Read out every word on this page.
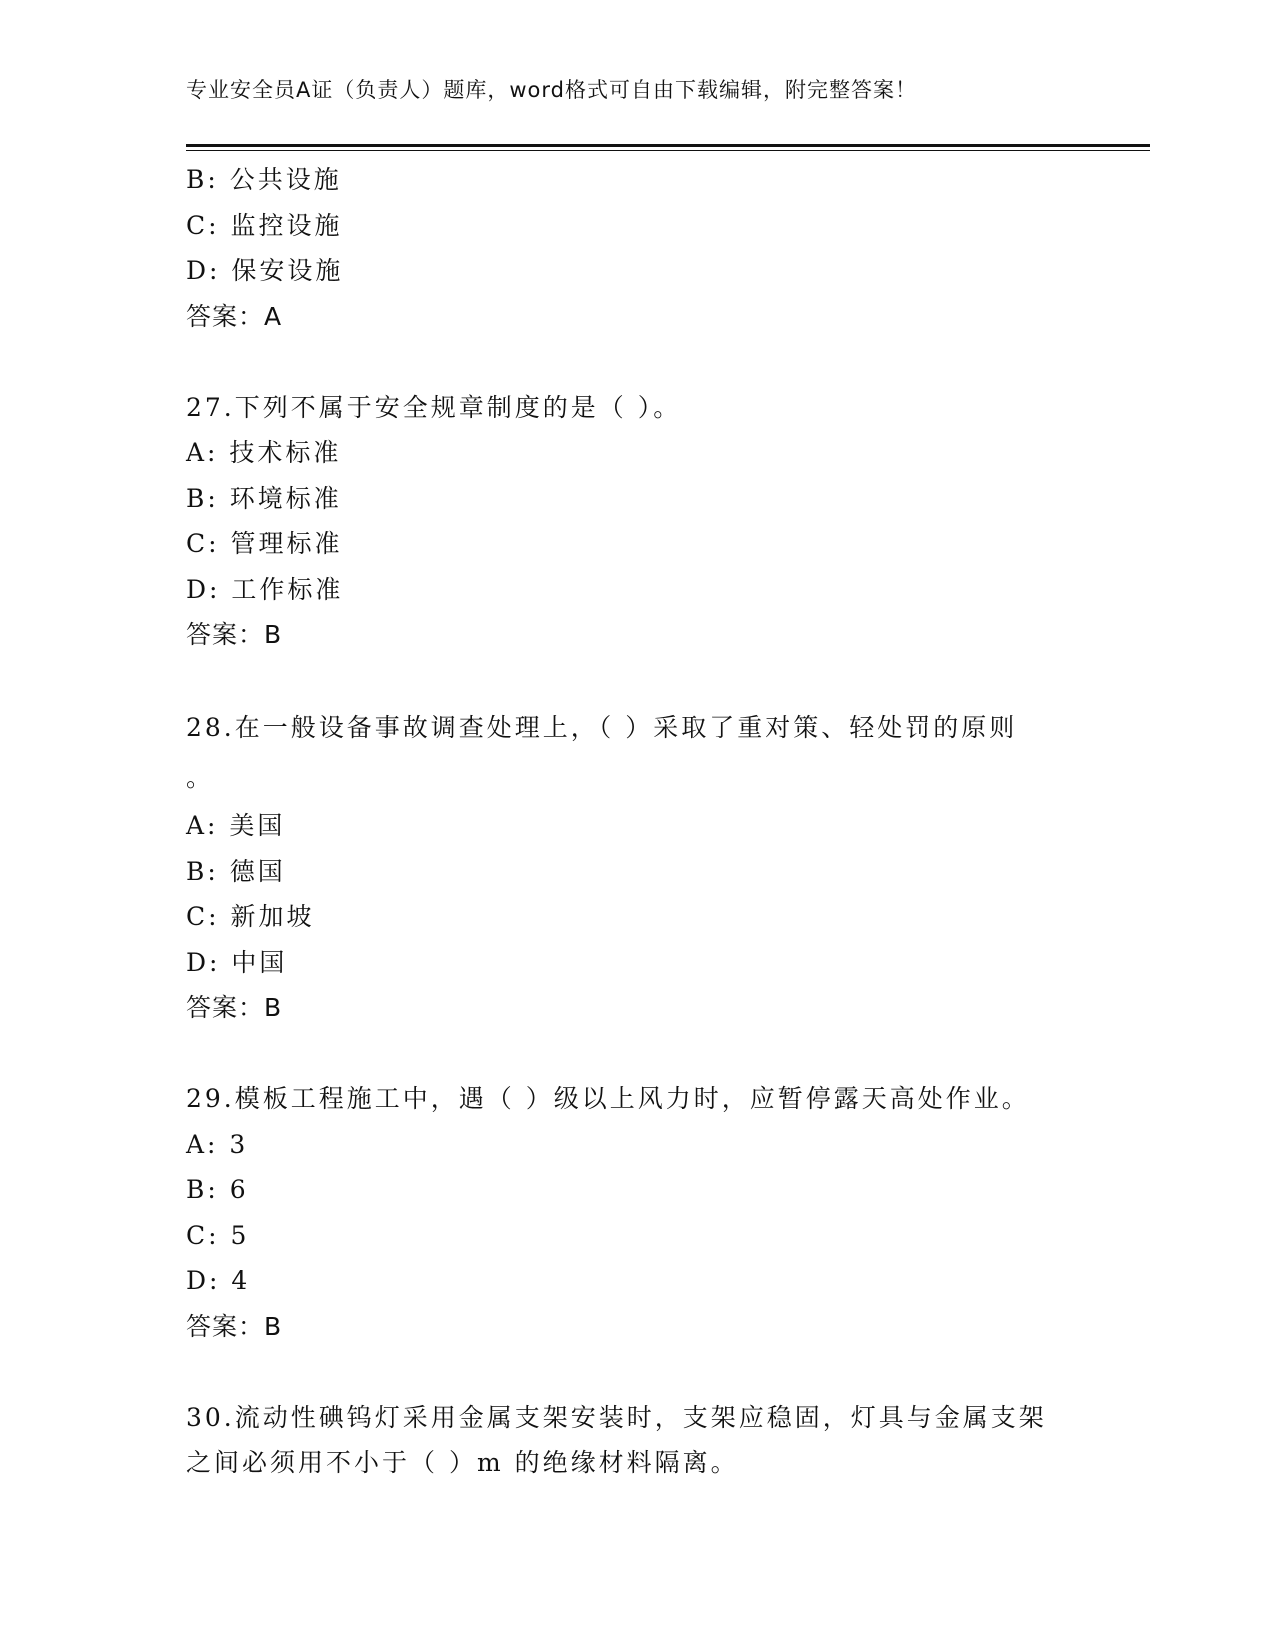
专业安全员A证（负责人）题库，word格式可自由下载编辑，附完整答案！
B: 公共设施
C: 监控设施
D: 保安设施
答案：A
27.下列不属于安全规章制度的是（ ）。
A: 技术标准
B: 环境标准
C: 管理标准
D: 工作标准
答案：B
28.在一般设备事故调查处理上，（ ）采取了重对策、轻处罚的原则
。
A: 美国
B: 德国
C: 新加坡
D: 中国
答案：B
29.模板工程施工中，遇（ ）级以上风力时，应暂停露天高处作业。
A: 3
B: 6
C: 5
D: 4
答案：B
30.流动性碘钨灯采用金属支架安装时，支架应稳固，灯具与金属支架
之间必须用不小于（ ）m 的绝缘材料隔离。
